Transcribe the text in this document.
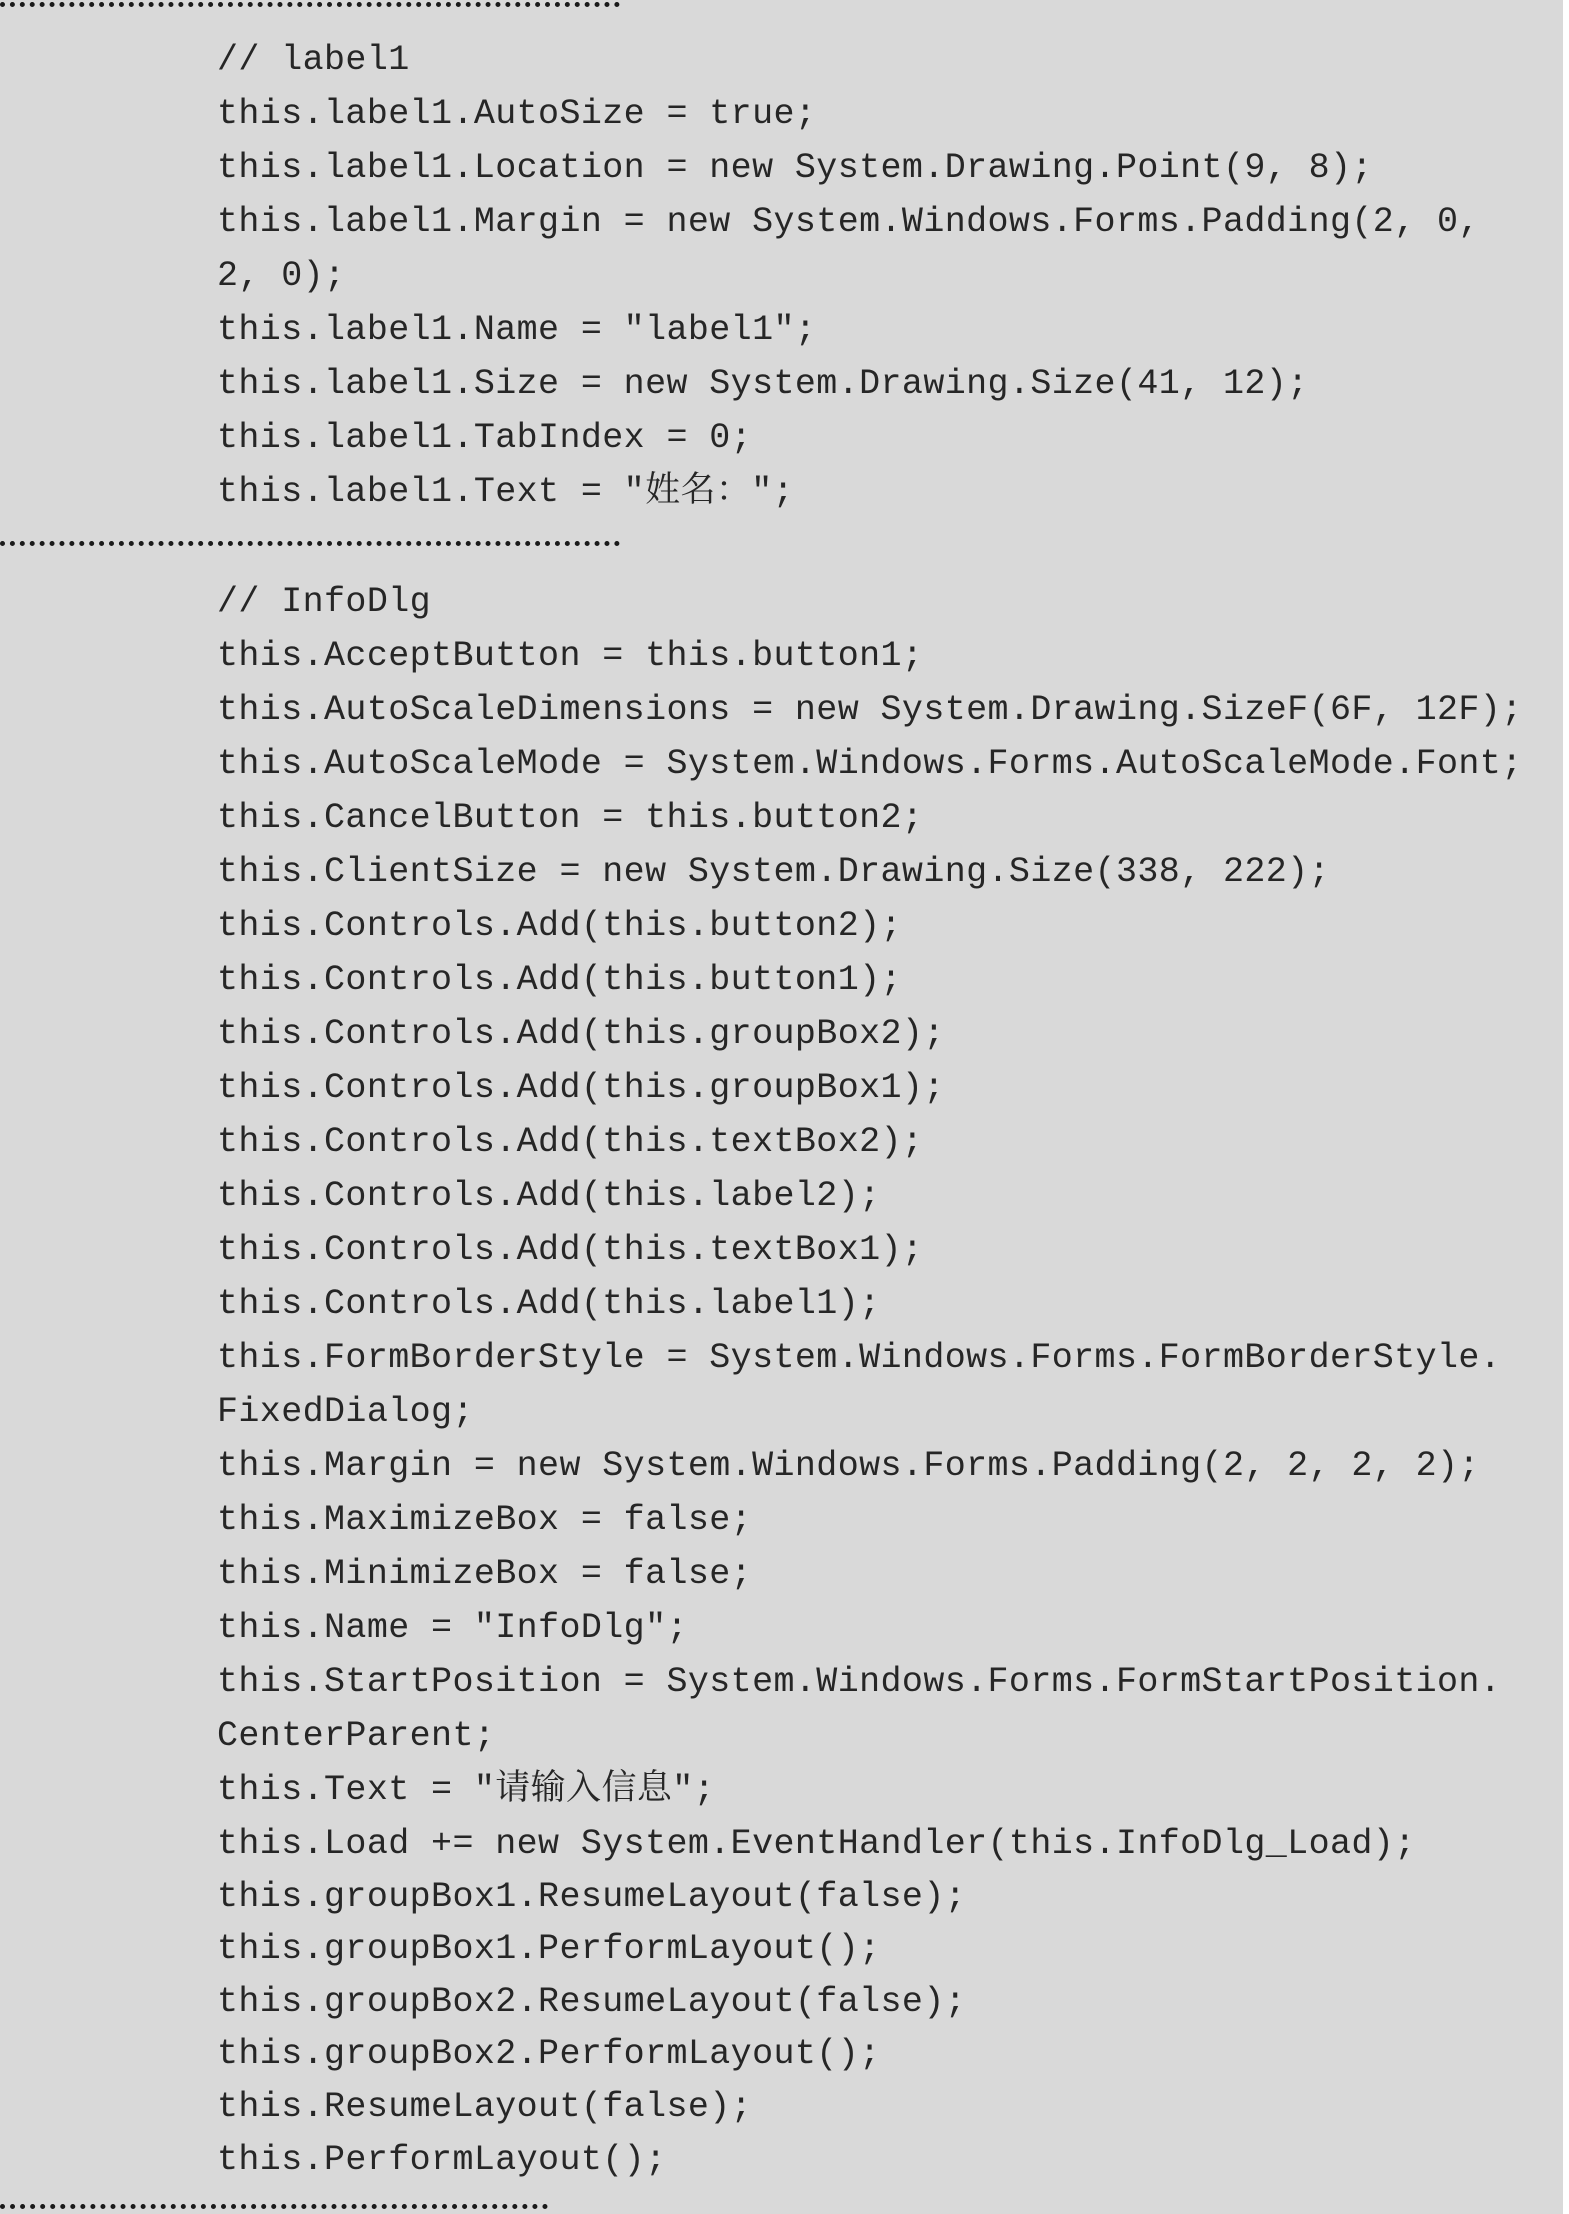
// label1
this.label1.AutoSize = true;
this.label1.Location = new System.Drawing.Point(9, 8);
this.label1.Margin = new System.Windows.Forms.Padding(2, 0,
2, 0);
this.label1.Name = "label1";
this.label1.Size = new System.Drawing.Size(41, 12);
this.label1.TabIndex = 0;
this.label1.Text = "姓名：";
// InfoDlg
this.AcceptButton = this.button1;
this.AutoScaleDimensions = new System.Drawing.SizeF(6F, 12F);
this.AutoScaleMode = System.Windows.Forms.AutoScaleMode.Font;
this.CancelButton = this.button2;
this.ClientSize = new System.Drawing.Size(338, 222);
this.Controls.Add(this.button2);
this.Controls.Add(this.button1);
this.Controls.Add(this.groupBox2);
this.Controls.Add(this.groupBox1);
this.Controls.Add(this.textBox2);
this.Controls.Add(this.label2);
this.Controls.Add(this.textBox1);
this.Controls.Add(this.label1);
this.FormBorderStyle = System.Windows.Forms.FormBorderStyle.
FixedDialog;
this.Margin = new System.Windows.Forms.Padding(2, 2, 2, 2);
this.MaximizeBox = false;
this.MinimizeBox = false;
this.Name = "InfoDlg";
this.StartPosition = System.Windows.Forms.FormStartPosition.
CenterParent;
this.Text = "请输入信息";
this.Load += new System.EventHandler(this.InfoDlg_Load);
this.groupBox1.ResumeLayout(false);
this.groupBox1.PerformLayout();
this.groupBox2.ResumeLayout(false);
this.groupBox2.PerformLayout();
this.ResumeLayout(false);
this.PerformLayout();
